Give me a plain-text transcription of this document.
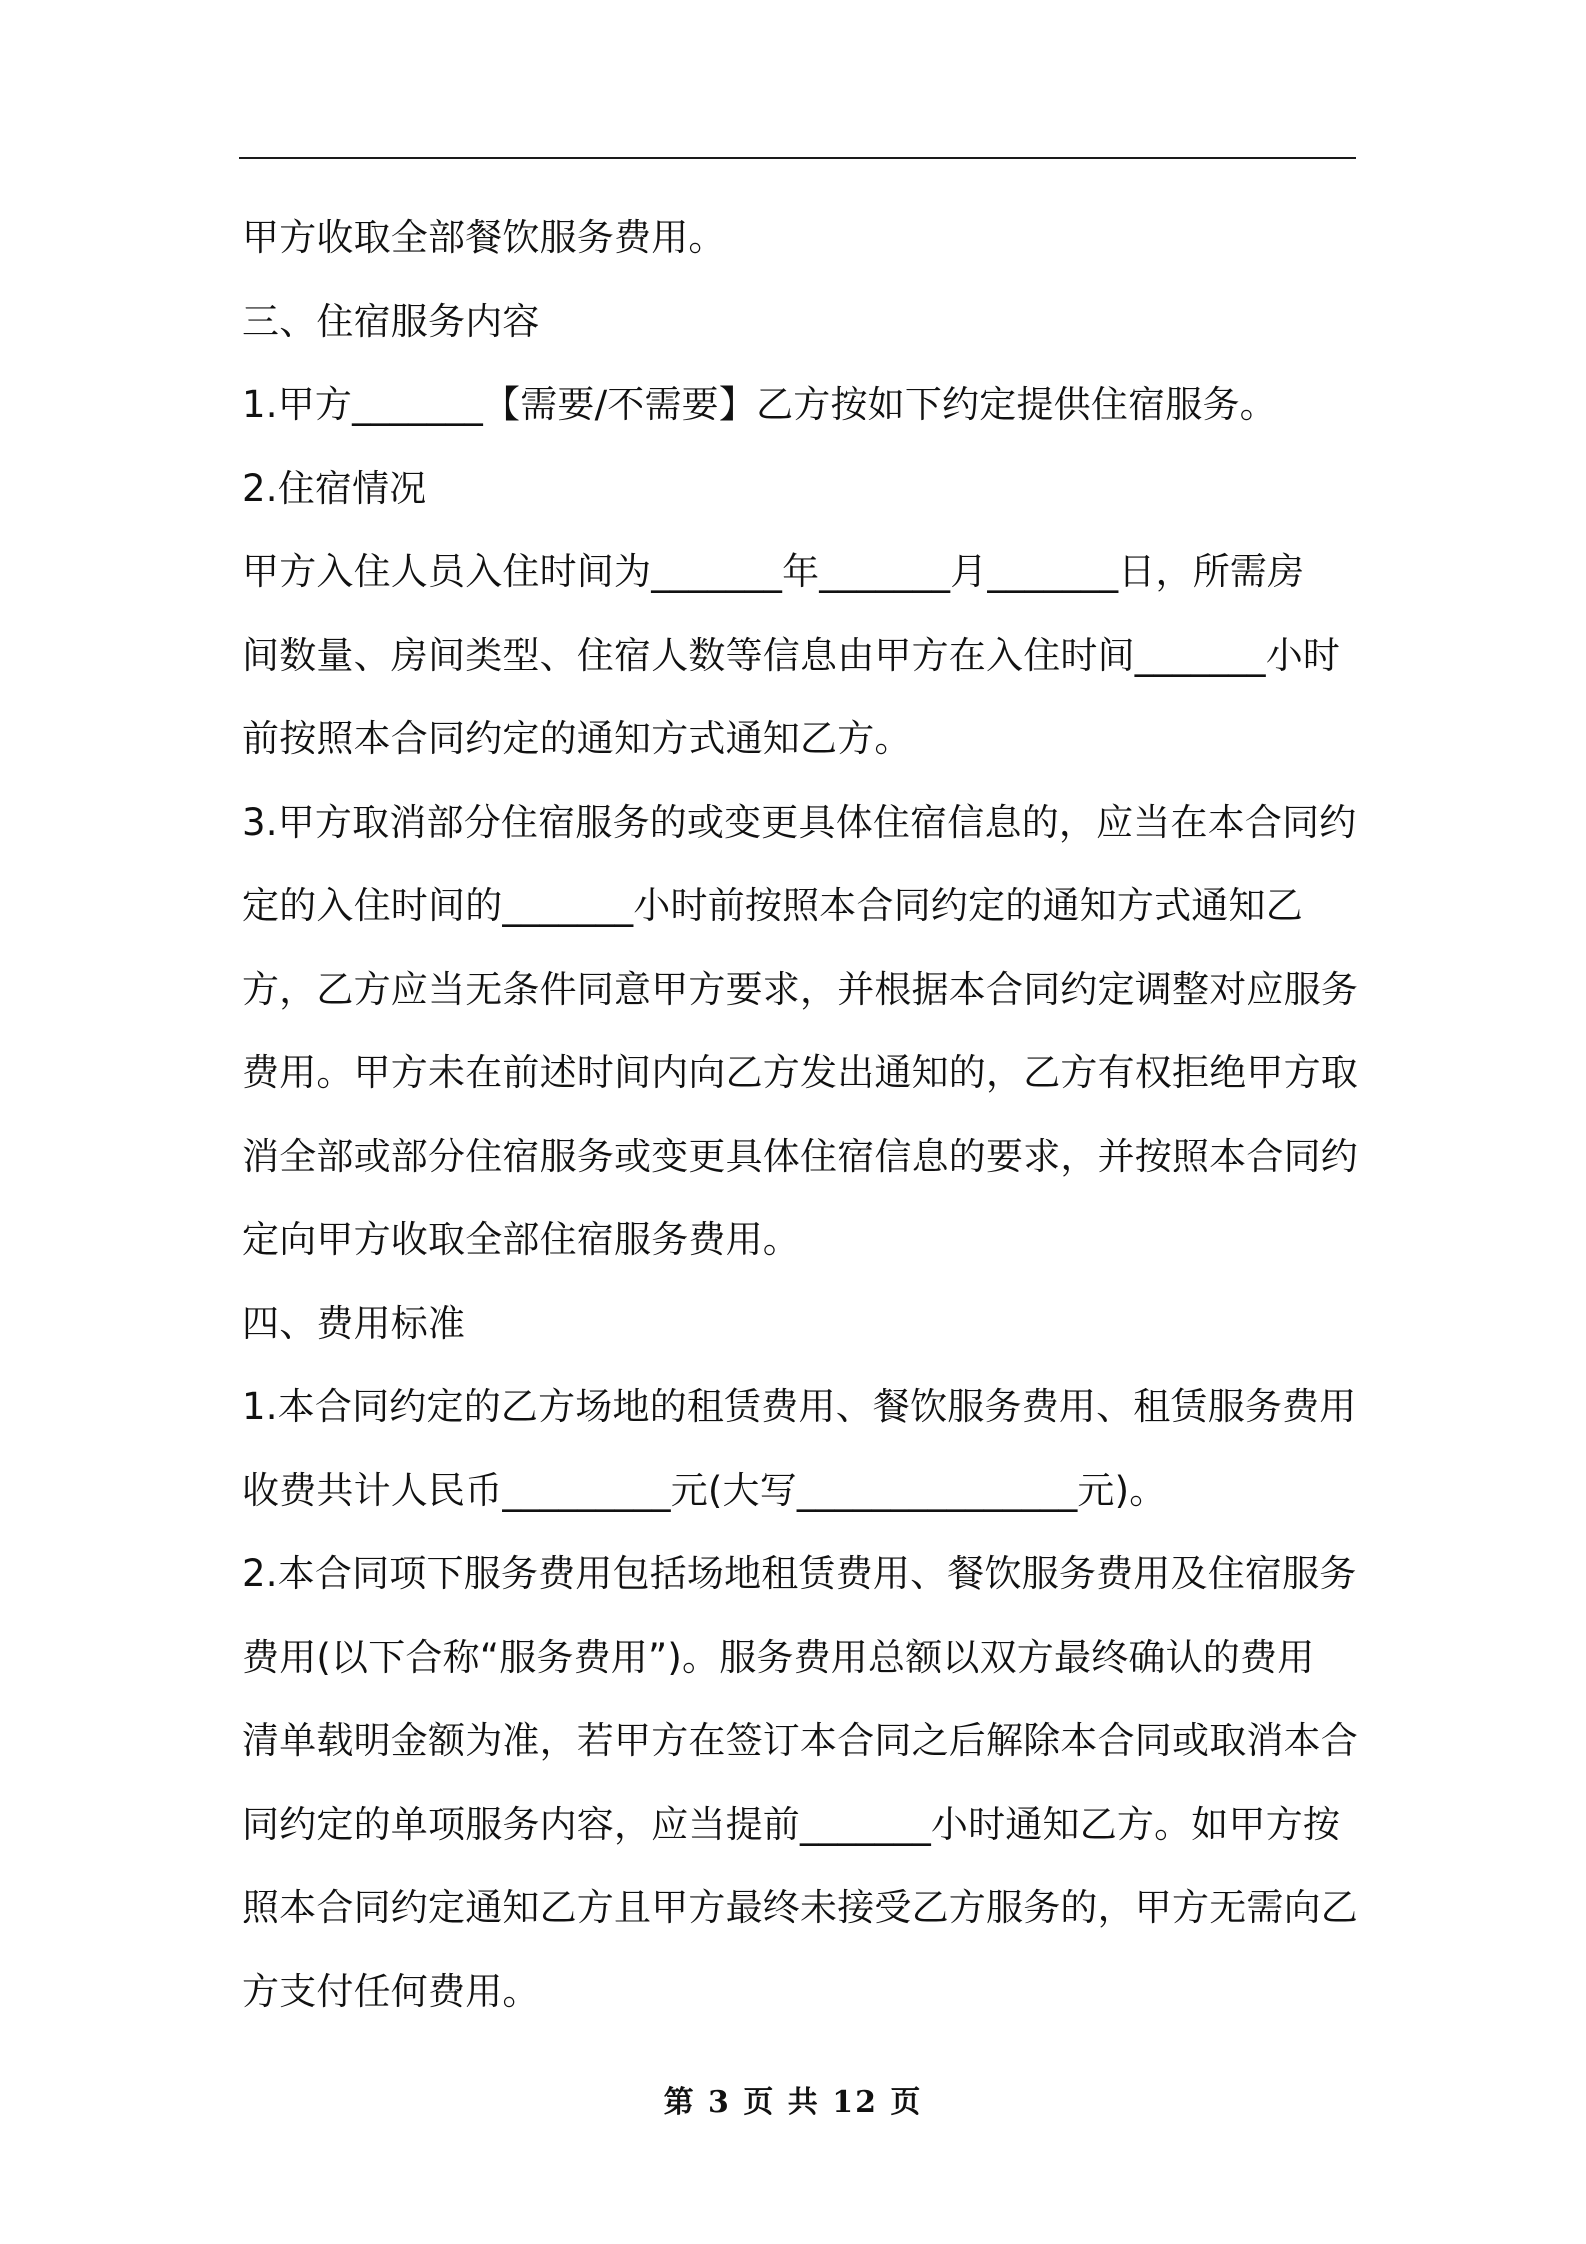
甲方收取全部餐饮服务费用。
三、住宿服务内容
1.甲方_______【需要/不需要】乙方按如下约定提供住宿服务。
2.住宿情况
甲方入住人员入住时间为_______年_______月_______日，所需房
间数量、房间类型、住宿人数等信息由甲方在入住时间_______小时
前按照本合同约定的通知方式通知乙方。
3.甲方取消部分住宿服务的或变更具体住宿信息的，应当在本合同约
定的入住时间的_______小时前按照本合同约定的通知方式通知乙
方，乙方应当无条件同意甲方要求，并根据本合同约定调整对应服务
费用。甲方未在前述时间内向乙方发出通知的，乙方有权拒绝甲方取
消全部或部分住宿服务或变更具体住宿信息的要求，并按照本合同约
定向甲方收取全部住宿服务费用。
四、费用标准
1.本合同约定的乙方场地的租赁费用、餐饮服务费用、租赁服务费用
收费共计人民币_________元(大写_______________元)。
2.本合同项下服务费用包括场地租赁费用、餐饮服务费用及住宿服务
费用(以下合称“服务费用”)。服务费用总额以双方最终确认的费用
清单载明金额为准，若甲方在签订本合同之后解除本合同或取消本合
同约定的单项服务内容，应当提前_______小时通知乙方。如甲方按
照本合同约定通知乙方且甲方最终未接受乙方服务的，甲方无需向乙
方支付任何费用。
第 3 页 共 12 页
